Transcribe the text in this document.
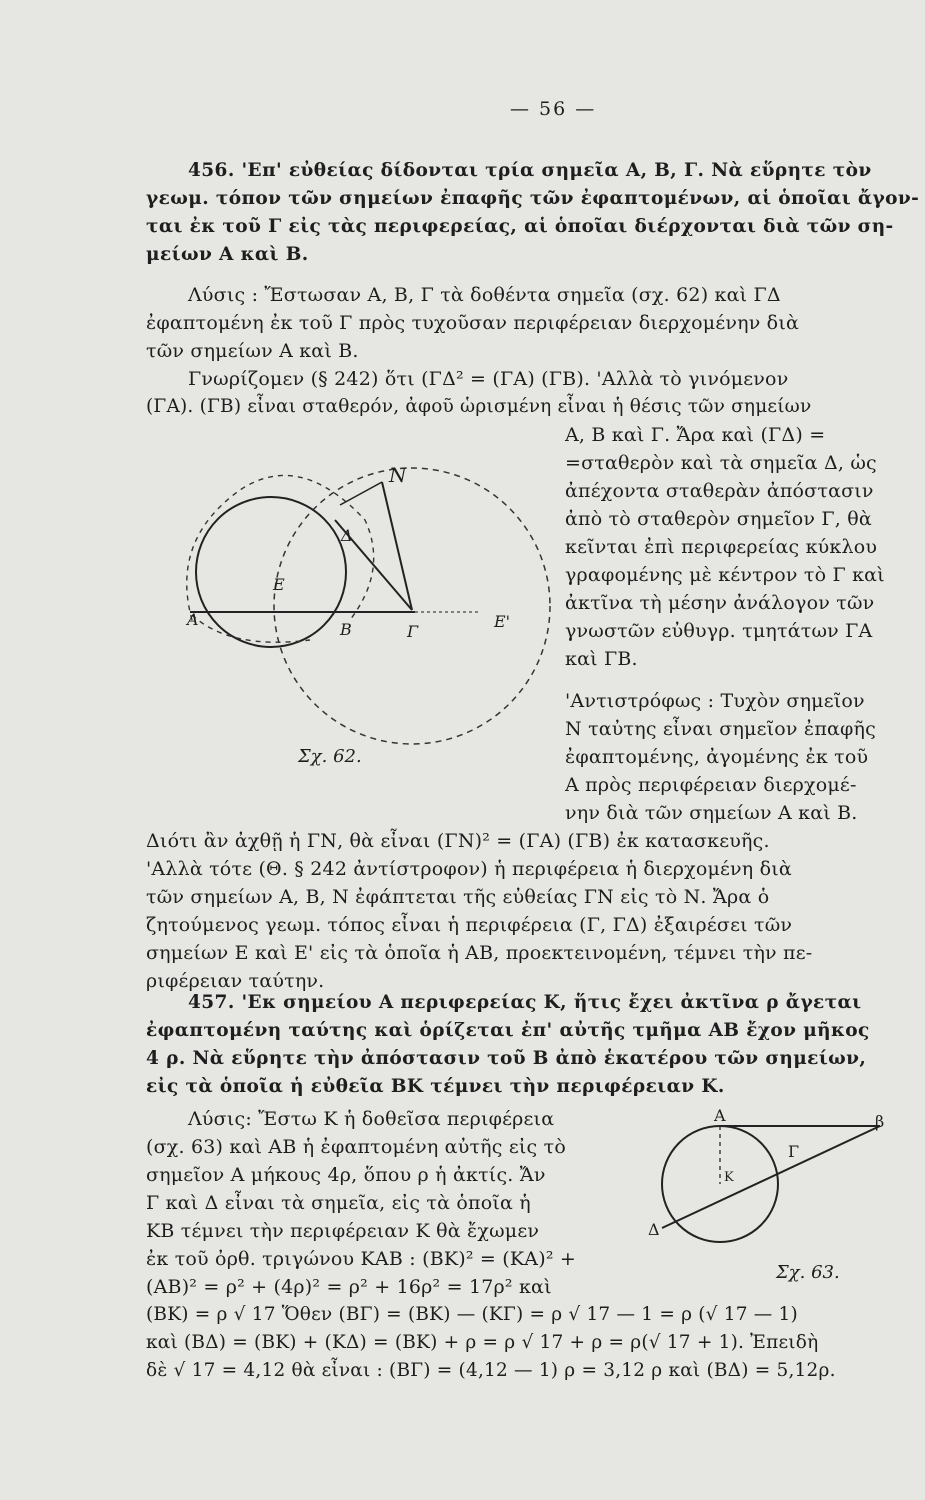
— 56 —
456. 'Επ' εὐθείας δίδονται τρία σημεῖα Α, Β, Γ. Νὰ εὕρητε τὸν
γεωμ. τόπον τῶν σημείων ἐπαφῆς τῶν ἐφαπτομένων, αἱ ὁποῖαι ἄγον-
ται ἐκ τοῦ Γ εἰς τὰς περιφερείας, αἱ ὁποῖαι διέρχονται διὰ τῶν ση-
μείων Α καὶ Β.
Λύσις : Ἔστωσαν Α, Β, Γ τὰ δοθέντα σημεῖα (σχ. 62) καὶ ΓΔ
ἐφαπτομένη ἐκ τοῦ Γ πρὸς τυχοῦσαν περιφέρειαν διερχομένην διὰ
τῶν σημείων Α καὶ Β.
Γνωρίζομεν (§ 242) ὅτι (ΓΔ² = (ΓΑ) (ΓΒ). 'Αλλὰ τὸ γινόμενον
(ΓΑ). (ΓΒ) εἶναι σταθερόν, ἀφοῦ ὡρισμένη εἶναι ἡ θέσις τῶν σημείων
Α, Β καὶ Γ. Ἄρα καὶ (ΓΔ) =
=σταθερὸν καὶ τὰ σημεῖα Δ, ὡς
ἀπέχοντα σταθερὰν ἀπόστασιν
ἀπὸ τὸ σταθερὸν σημεῖον Γ, θὰ
κεῖνται ἐπὶ περιφερείας κύκλου
γραφομένης μὲ κέντρον τὸ Γ καὶ
ἀκτῖνα τὴ μέσην ἀνάλογον τῶν
γνωστῶν εὐθυγρ. τμητάτων ΓΑ
καὶ ΓΒ.
'Αντιστρόφως : Τυχὸν σημεῖον
Ν ταὐτης εἶναι σημεῖον ἐπαφῆς
ἐφαπτομένης, ἀγομένης ἐκ τοῦ
Α πρὸς περιφέρειαν διερχομέ-
νην διὰ τῶν σημείων Α καὶ Β.
Διότι ἂν ἀχθῇ ἡ ΓΝ, θὰ εἶναι (ΓΝ)² = (ΓΑ) (ΓΒ) ἐκ κατασκευῆς.
'Αλλὰ τότε (Θ. § 242 ἀντίστροφον) ἡ περιφέρεια ἡ διερχομένη διὰ
τῶν σημείων Α, Β, Ν ἐφάπτεται τῆς εὐθείας ΓΝ εἰς τὸ Ν. Ἄρα ὁ
ζητούμενος γεωμ. τόπος εἶναι ἡ περιφέρεια (Γ, ΓΔ) ἐξαιρέσει τῶν
σημείων Ε καὶ Ε' εἰς τὰ ὁποῖα ἡ ΑΒ, προεκτεινομένη, τέμνει τὴν πε-
ριφέρειαν ταύτην.
Α
Β	Γ
Δ
Ε
Ε'
Ν
Σχ. 62.
457. 'Εκ σημείου Α περιφερείας Κ, ἥτις ἔχει ἀκτῖνα ρ ἄγεται
ἐφαπτομένη ταύτης καὶ ὁρίζεται ἐπ' αὐτῆς τμῆμα ΑΒ ἔχον μῆκος
4 ρ. Νὰ εὕρητε τὴν ἀπόστασιν τοῦ Β ἀπὸ ἑκατέρου τῶν σημείων,
εἰς τὰ ὁποῖα ἡ εὐθεῖα ΒΚ τέμνει τὴν περιφέρειαν Κ.
Λύσις: Ἔστω Κ ἡ δοθεῖσα περιφέρεια
(σχ. 63) καὶ ΑΒ ἡ ἐφαπτομένη αὐτῆς εἰς τὸ
σημεῖον Α μήκους 4ρ, ὅπου ρ ἡ ἀκτίς. Ἄν
Γ καὶ Δ εἶναι τὰ σημεῖα, εἰς τὰ ὁποῖα ἡ
ΚΒ τέμνει τὴν περιφέρειαν Κ θὰ ἔχωμεν
ἐκ τοῦ ὀρθ. τριγώνου ΚΑΒ : (ΒΚ)² = (ΚΑ)² +
(ΑΒ)² = ρ² + (4ρ)² = ρ² + 16ρ² = 17ρ² καὶ
(ΒΚ) = ρ √ 17 Ὅθεν (ΒΓ) = (ΒΚ) — (ΚΓ) = ρ √ 17 — 1 = ρ (√ 17 — 1)
καὶ (ΒΔ) = (ΒΚ) + (ΚΔ) = (ΒΚ) + ρ = ρ √ 17 + ρ = ρ(√ 17 + 1). Ἐπειδὴ
δὲ √ 17 = 4,12 θὰ εἶναι : (ΒΓ) = (4,12 — 1) ρ = 3,12 ρ καὶ (ΒΔ) = 5,12ρ.
Α	β
Γ
Δ
Κ
Σχ. 63.
